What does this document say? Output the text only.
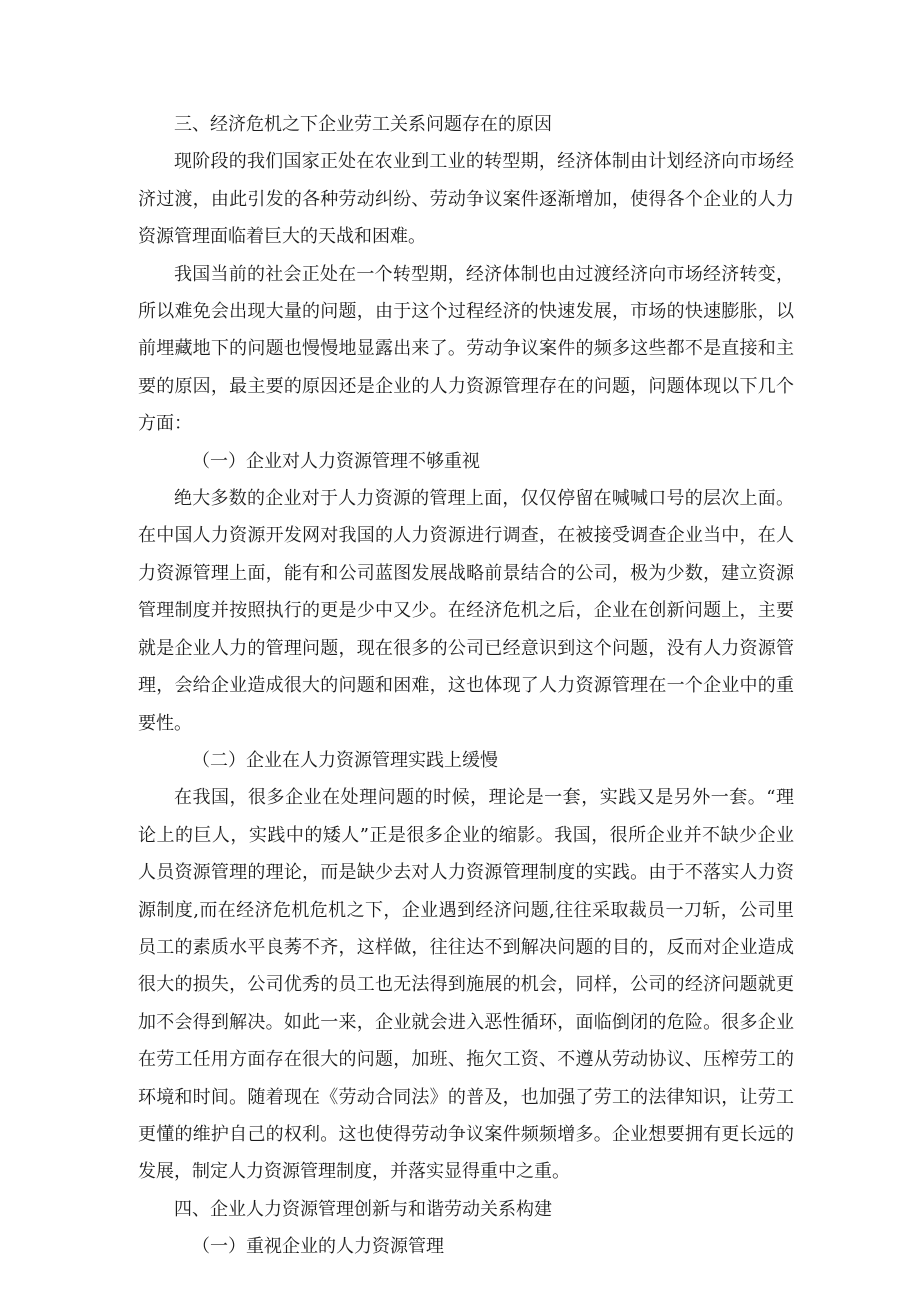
三、经济危机之下企业劳工关系问题存在的原因

现阶段的我们国家正处在农业到工业的转型期，经济体制由计划经济向市场经济过渡，由此引发的各种劳动纠纷、劳动争议案件逐渐增加，使得各个企业的人力资源管理面临着巨大的天战和困难。

我国当前的社会正处在一个转型期，经济体制也由过渡经济向市场经济转变，所以难免会出现大量的问题，由于这个过程经济的快速发展，市场的快速膨胀，以前埋藏地下的问题也慢慢地显露出来了。劳动争议案件的频多这些都不是直接和主要的原因，最主要的原因还是企业的人力资源管理存在的问题，问题体现以下几个方面：

（一）企业对人力资源管理不够重视

绝大多数的企业对于人力资源的管理上面，仅仅停留在喊喊口号的层次上面。在中国人力资源开发网对我国的人力资源进行调查，在被接受调查企业当中，在人力资源管理上面，能有和公司蓝图发展战略前景结合的公司，极为少数，建立资源管理制度并按照执行的更是少中又少。在经济危机之后，企业在创新问题上，主要就是企业人力的管理问题，现在很多的公司已经意识到这个问题，没有人力资源管理，会给企业造成很大的问题和困难，这也体现了人力资源管理在一个企业中的重要性。

（二）企业在人力资源管理实践上缓慢

在我国，很多企业在处理问题的时候，理论是一套，实践又是另外一套。“理论上的巨人，实践中的矮人”正是很多企业的缩影。我国，很所企业并不缺少企业人员资源管理的理论，而是缺少去对人力资源管理制度的实践。由于不落实人力资源制度,而在经济危机危机之下，企业遇到经济问题,往往采取裁员一刀斩，公司里员工的素质水平良莠不齐，这样做，往往达不到解决问题的目的，反而对企业造成很大的损失，公司优秀的员工也无法得到施展的机会，同样，公司的经济问题就更加不会得到解决。如此一来，企业就会进入恶性循环，面临倒闭的危险。很多企业在劳工任用方面存在很大的问题，加班、拖欠工资、不遵从劳动协议、压榨劳工的环境和时间。随着现在《劳动合同法》的普及，也加强了劳工的法律知识，让劳工更懂的维护自己的权利。这也使得劳动争议案件频频增多。企业想要拥有更长远的发展，制定人力资源管理制度，并落实显得重中之重。

四、企业人力资源管理创新与和谐劳动关系构建

（一）重视企业的人力资源管理
